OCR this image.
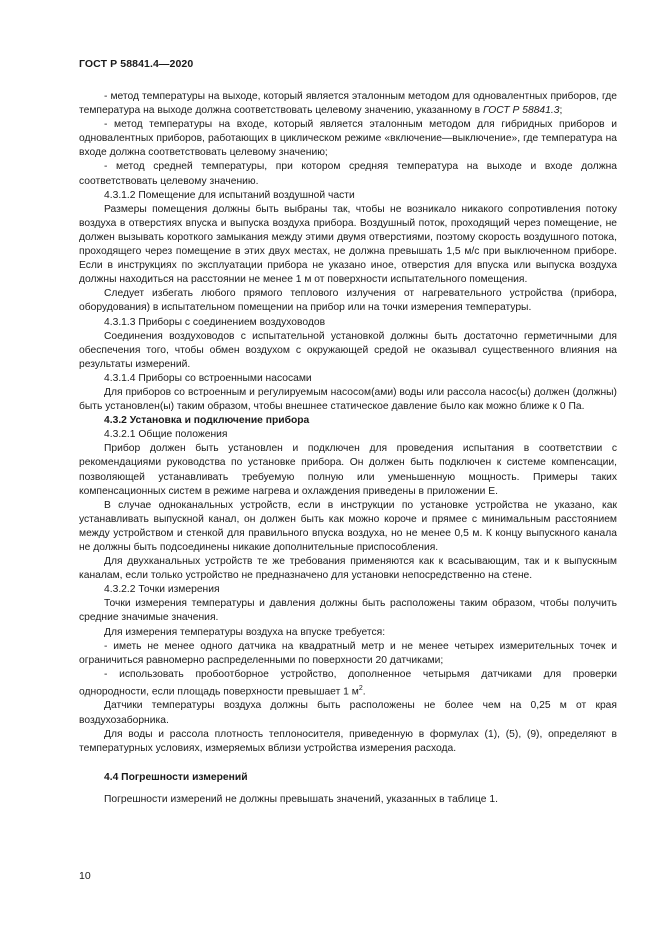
ГОСТ Р 58841.4—2020

- метод температуры на выходе, который является эталонным методом для одновалентных приборов, где температура на выходе должна соответствовать целевому значению, указанному в ГОСТ Р 58841.3;

- метод температуры на входе, который является эталонным методом для гибридных приборов и одновалентных приборов, работающих в циклическом режиме «включение—выключение», где температура на входе должна соответствовать целевому значению;

- метод средней температуры, при котором средняя температура на выходе и входе должна соответствовать целевому значению.

4.3.1.2 Помещение для испытаний воздушной части

Размеры помещения должны быть выбраны так, чтобы не возникало никакого сопротивления потоку воздуха в отверстиях впуска и выпуска воздуха прибора. Воздушный поток, проходящий через помещение, не должен вызывать короткого замыкания между этими двумя отверстиями, поэтому скорость воздушного потока, проходящего через помещение в этих двух местах, не должна превышать 1,5 м/с при выключенном приборе. Если в инструкциях по эксплуатации прибора не указано иное, отверстия для впуска или выпуска воздуха должны находиться на расстоянии не менее 1 м от поверхности испытательного помещения.

Следует избегать любого прямого теплового излучения от нагревательного устройства (прибора, оборудования) в испытательном помещении на прибор или на точки измерения температуры.

4.3.1.3 Приборы с соединением воздуховодов

Соединения воздуховодов с испытательной установкой должны быть достаточно герметичными для обеспечения того, чтобы обмен воздухом с окружающей средой не оказывал существенного влияния на результаты измерений.

4.3.1.4 Приборы со встроенными насосами

Для приборов со встроенным и регулируемым насосом(ами) воды или рассола насос(ы) должен (должны) быть установлен(ы) таким образом, чтобы внешнее статическое давление было как можно ближе к 0 Па.

4.3.2 Установка и подключение прибора

4.3.2.1 Общие положения

Прибор должен быть установлен и подключен для проведения испытания в соответствии с рекомендациями руководства по установке прибора. Он должен быть подключен к системе компенсации, позволяющей устанавливать требуемую полную или уменьшенную мощность. Примеры таких компенсационных систем в режиме нагрева и охлаждения приведены в приложении Е.

В случае одноканальных устройств, если в инструкции по установке устройства не указано, как устанавливать выпускной канал, он должен быть как можно короче и прямее с минимальным расстоянием между устройством и стенкой для правильного впуска воздуха, но не менее 0,5 м. К концу выпускного канала не должны быть подсоединены никакие дополнительные приспособления.

Для двухканальных устройств те же требования применяются как к всасывающим, так и к выпускным каналам, если только устройство не предназначено для установки непосредственно на стене.

4.3.2.2 Точки измерения

Точки измерения температуры и давления должны быть расположены таким образом, чтобы получить средние значимые значения.

Для измерения температуры воздуха на впуске требуется:

- иметь не менее одного датчика на квадратный метр и не менее четырех измерительных точек и ограничиться равномерно распределенными по поверхности 20 датчиками;

- использовать пробоотборное устройство, дополненное четырьмя датчиками для проверки однородности, если площадь поверхности превышает 1 $м^2$.

Датчики температуры воздуха должны быть расположены не более чем на 0,25 м от края воздухозаборника.

Для воды и рассола плотность теплоносителя, приведенную в формулах (1), (5), (9), определяют в температурных условиях, измеряемых вблизи устройства измерения расхода.

4.4 Погрешности измерений

Погрешности измерений не должны превышать значений, указанных в таблице 1.

10
